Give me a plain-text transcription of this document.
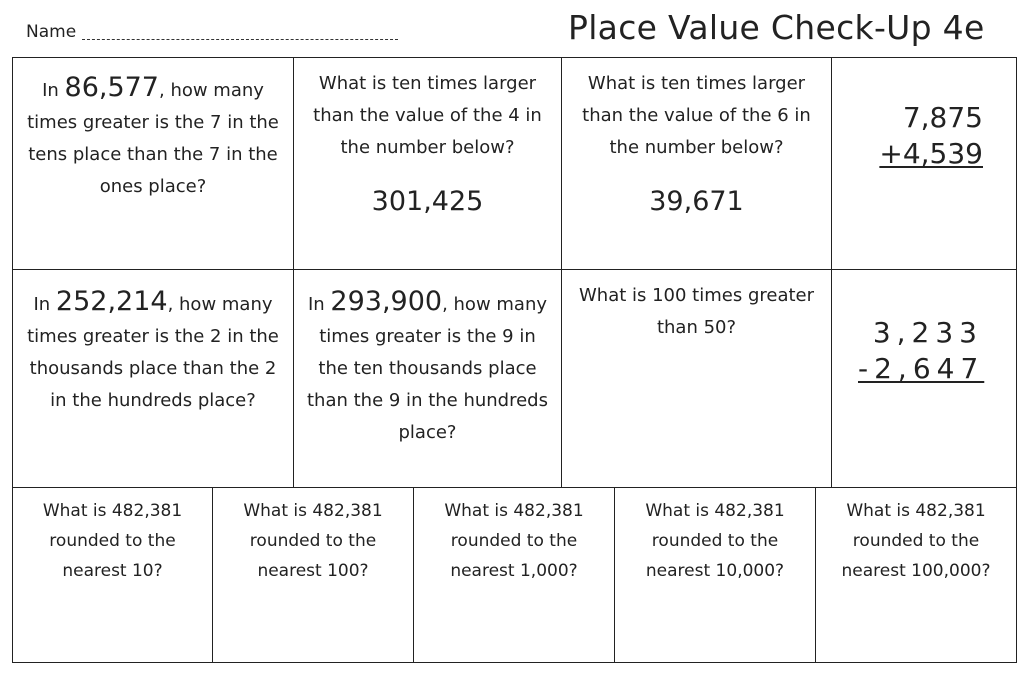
Name	Place Value Check-Up 4e
In 86,577, how many
times greater is the 7 in the
tens place than the 7 in the
ones place?
What is ten times larger
than the value of the 4 in
the number below?
301,425
What is ten times larger
than the value of the 6 in
the number below?
39,671
7,875
+4,539
In 252,214, how many
times greater is the 2 in the
thousands place than the 2
in the hundreds place?
In 293,900, how many
times greater is the 9 in
the ten thousands place
than the 9 in the hundreds
place?
What is 100 times greater
than 50?	3,233
-2,647
What is 482,381
rounded to the
nearest 10?
What is 482,381
rounded to the
nearest 100?
What is 482,381
rounded to the
nearest 1,000?
What is 482,381
rounded to the
nearest 10,000?
What is 482,381
rounded to the
nearest 100,000?
